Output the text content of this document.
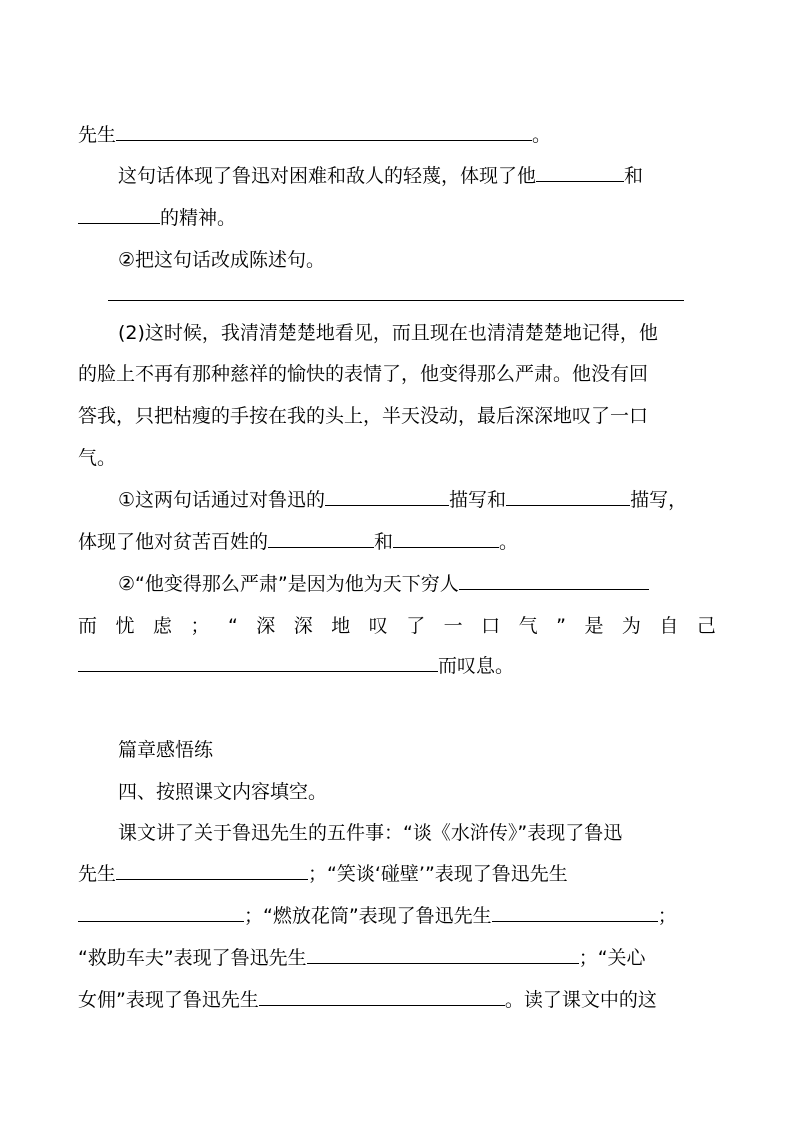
先生	。
这句话体现了鲁迅对困难和敌人的轻蔑，体现了他	和
的精神。
②把这句话改成陈述句。
(2)这时候，我清清楚楚地看见，而且现在也清清楚楚地记得，他
的脸上不再有那种慈祥的愉快的表情了，他变得那么严肃。他没有回
答我，只把枯瘦的手按在我的头上，半天没动，最后深深地叹了一口
气。
①这两句话通过对鲁迅的	描写和	描写，
体现了他对贫苦百姓的	和	。
②“他变得那么严肃”是因为他为天下穷人
而 忧 虑 ； “ 深 深 地 叹 了 一 口 气 ” 是 为 自 己
而叹息。
篇章感悟练
四、按照课文内容填空。
课文讲了关于鲁迅先生的五件事：“谈《水浒传》”表现了鲁迅
先生	；“笑谈‘碰壁’”表现了鲁迅先生
；“燃放花筒”表现了鲁迅先生	；
“救助车夫”表现了鲁迅先生	；“关心
女佣”表现了鲁迅先生	。读了课文中的这
